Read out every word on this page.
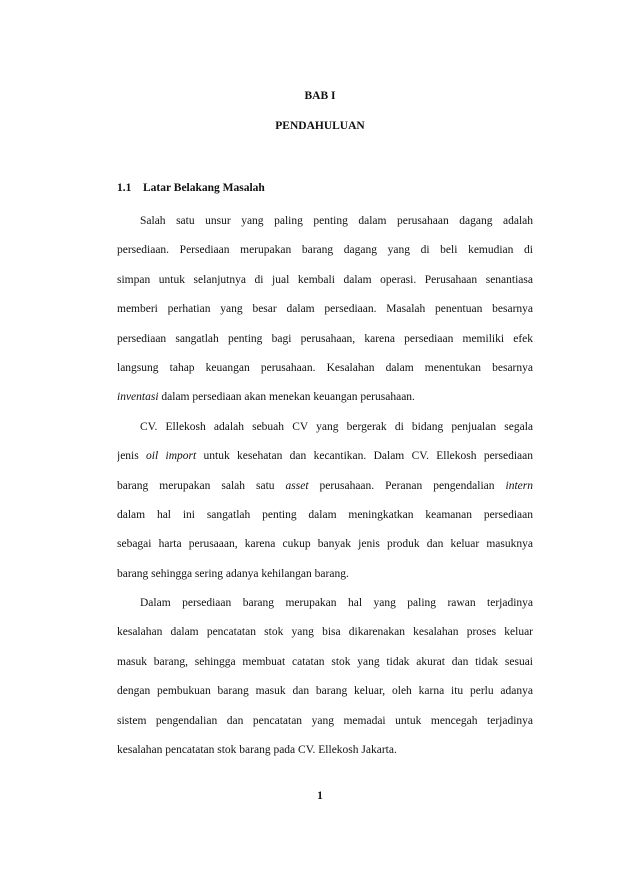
BAB I
PENDAHULUAN
1.1 Latar Belakang Masalah
Salah satu unsur yang paling penting dalam perusahaan dagang adalah
persediaan. Persediaan merupakan barang dagang yang di beli kemudian di
simpan untuk selanjutnya di jual kembali dalam operasi. Perusahaan senantiasa
memberi perhatian yang besar dalam persediaan. Masalah penentuan besarnya
persediaan sangatlah penting bagi perusahaan, karena persediaan memiliki efek
langsung tahap keuangan perusahaan. Kesalahan dalam menentukan besarnya
inventasi dalam persediaan akan menekan keuangan perusahaan.
CV. Ellekosh adalah sebuah CV yang bergerak di bidang penjualan segala
jenis oil import untuk kesehatan dan kecantikan. Dalam CV. Ellekosh persediaan
barang merupakan salah satu asset perusahaan. Peranan pengendalian intern
dalam hal ini sangatlah penting dalam meningkatkan keamanan persediaan
sebagai harta perusaaan, karena cukup banyak jenis produk dan keluar masuknya
barang sehingga sering adanya kehilangan barang.
Dalam persediaan barang merupakan hal yang paling rawan terjadinya
kesalahan dalam pencatatan stok yang bisa dikarenakan kesalahan proses keluar
masuk barang, sehingga membuat catatan stok yang tidak akurat dan tidak sesuai
dengan pembukuan barang masuk dan barang keluar, oleh karna itu perlu adanya
sistem pengendalian dan pencatatan yang memadai untuk mencegah terjadinya
kesalahan pencatatan stok barang pada CV. Ellekosh Jakarta.
1
